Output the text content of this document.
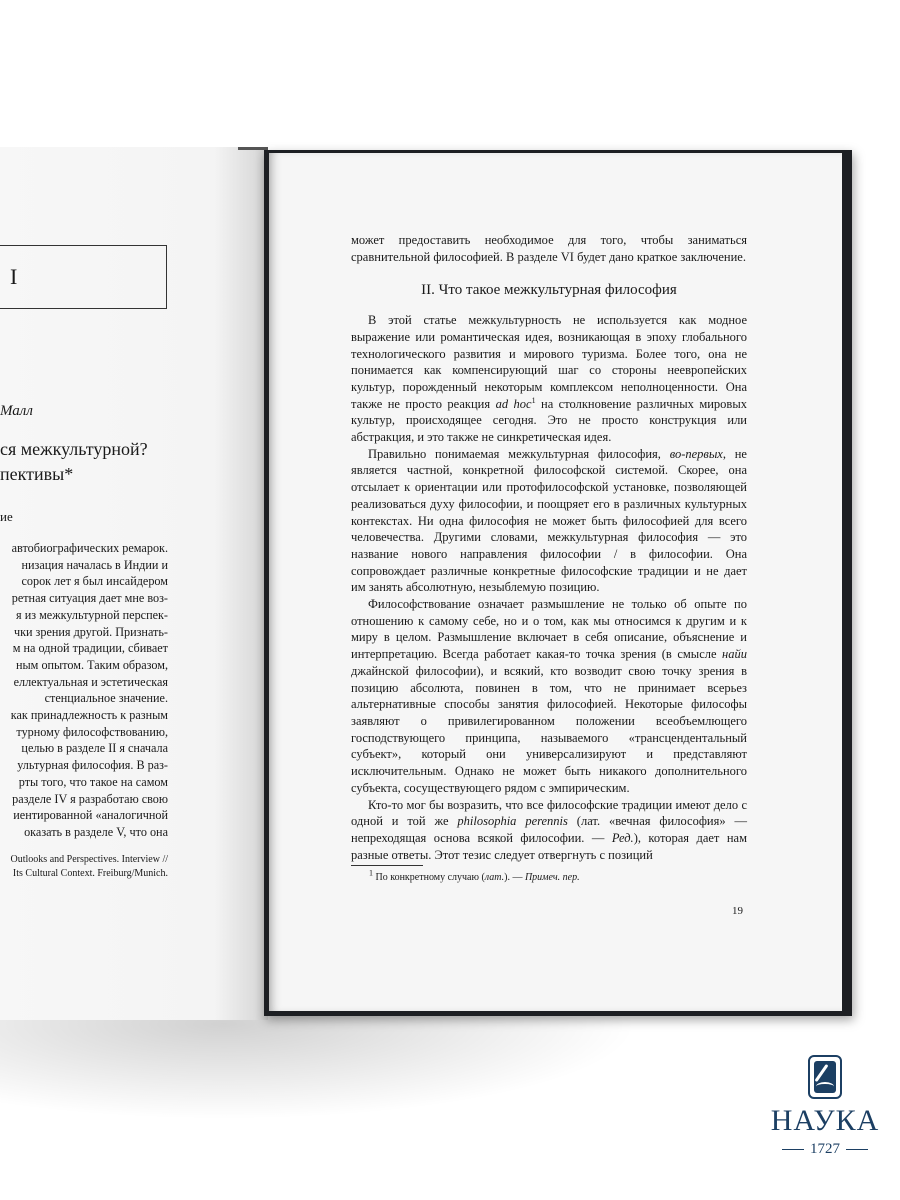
I
Малл
ся межкультурной?
пективы*
ие
автобиографических ремарок.
низация началась в Индии и
сорок лет я был инсайдером
ретная ситуация дает мне воз-
я из межкультурной перспек-
чки зрения другой. Признать-
м на одной традиции, сбивает
ным опытом. Таким образом,
еллектуальная и эстетическая
стенциальное значение.
как принадлежность к разным
турному философствованию,
целью в разделе II я сначала
ультурная философия. В раз-
рты того, что такое на самом
разделе IV я разработаю свою
иентированной «аналогичной
оказать в разделе V, что она
Outlooks and Perspectives. Interview //
Its Cultural Context. Freiburg/Munich.

может предоставить необходимое для того, чтобы заниматься сравнительной философией. В разделе VI будет дано краткое заключение.

II. Что такое межкультурная философия

В этой статье межкультурность не используется как модное выражение или романтическая идея, возникающая в эпоху глобального технологического развития и мирового туризма. Более того, она не понимается как компенсирующий шаг со стороны неевропейских культур, порожденный некоторым комплексом неполноценности. Она также не просто реакция ad hoc$^1$ на столкновение различных мировых культур, происходящее сегодня. Это не просто конструкция или абстракция, и это также не синкретическая идея.

Правильно понимаемая межкультурная философия, во-первых, не является частной, конкретной философской системой. Скорее, она отсылает к ориентации или протофилософской установке, позволяющей реализоваться духу философии, и поощряет его в различных культурных контекстах. Ни одна философия не может быть философией для всего человечества. Другими словами, межкультурная философия — это название нового направления философии / в философии. Она сопровождает различные конкретные философские традиции и не дает им занять абсолютную, незыблемую позицию.

Философствование означает размышление не только об опыте по отношению к самому себе, но и о том, как мы относимся к другим и к миру в целом. Размышление включает в себя описание, объяснение и интерпретацию. Всегда работает какая-то точка зрения (в смысле найи джайнской философии), и всякий, кто возводит свою точку зрения в позицию абсолюта, повинен в том, что не принимает всерьез альтернативные способы занятия философией. Некоторые философы заявляют о привилегированном положении всеобъемлющего господствующего принципа, называемого «трансцендентальный субъект», который они универсализируют и представляют исключительным. Однако не может быть никакого дополнительного субъекта, сосуществующего рядом с эмпирическим.

Кто-то мог бы возразить, что все философские традиции имеют дело с одной и той же philosophia perennis (лат. «вечная философия» — непреходящая основа всякой философии. — Ред.), которая дает нам разные ответы. Этот тезис следует отвергнуть с позиций

$^1$ По конкретному случаю (лат.). — Примеч. пер.
19
НАУКА
1727
